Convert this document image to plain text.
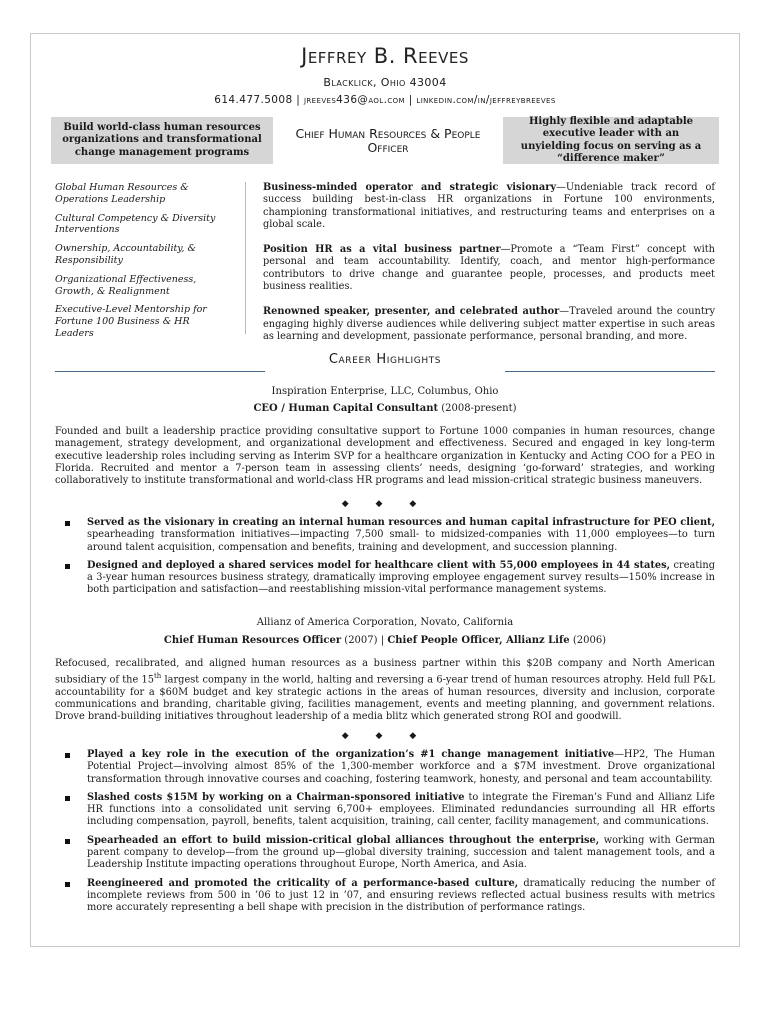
Jeffrey B. Reeves
Blacklick, Ohio 43004
614.477.5008 | jreeves436@aol.com | linkedin.com/in/jeffreybreeves
Build world-class human resources organizations and transformational change management programs
Chief Human Resources & People Officer
Highly flexible and adaptable executive leader with an unyielding focus on serving as a “difference maker”
Global Human Resources & Operations Leadership
Cultural Competency & Diversity Interventions
Ownership, Accountability, & Responsibility
Organizational Effectiveness, Growth, & Realignment
Executive-Level Mentorship for Fortune 100 Business & HR Leaders

Business-minded operator and strategic visionary—Undeniable track record of success building best-in-class HR organizations in Fortune 100 environments, championing transformational initiatives, and restructuring teams and enterprises on a global scale.

Position HR as a vital business partner—Promote a “Team First” concept with personal and team accountability. Identify, coach, and mentor high-performance contributors to drive change and guarantee people, processes, and products meet business realities.

Renowned speaker, presenter, and celebrated author—Traveled around the country engaging highly diverse audiences while delivering subject matter expertise in such areas as learning and development, passionate performance, personal branding, and more.

Career Highlights
Inspiration Enterprise, LLC, Columbus, Ohio
CEO / Human Capital Consultant (2008-present)
Founded and built a leadership practice providing consultative support to Fortune 1000 companies in human resources, change management, strategy development, and organizational development and effectiveness. Secured and engaged in key long-term executive leadership roles including serving as Interim SVP for a healthcare organization in Kentucky and Acting COO for a PEO in Florida. Recruited and mentor a 7-person team in assessing clients’ needs, designing ‘go-forward’ strategies, and working collaboratively to institute transformational and world-class HR programs and lead mission-critical strategic business maneuvers.
◆ ◆ ◆
Served as the visionary in creating an internal human resources and human capital infrastructure for PEO client, spearheading transformation initiatives—impacting 7,500 small- to midsized-companies with 11,000 employees—to turn around talent acquisition, compensation and benefits, training and development, and succession planning.
Designed and deployed a shared services model for healthcare client with 55,000 employees in 44 states, creating a 3-year human resources business strategy, dramatically improving employee engagement survey results—150% increase in both participation and satisfaction—and reestablishing mission-vital performance management systems.
Allianz of America Corporation, Novato, California
Chief Human Resources Officer (2007) | Chief People Officer, Allianz Life (2006)
Refocused, recalibrated, and aligned human resources as a business partner within this $20B company and North American subsidiary of the 15th largest company in the world, halting and reversing a 6-year trend of human resources atrophy. Held full P&L accountability for a $60M budget and key strategic actions in the areas of human resources, diversity and inclusion, corporate communications and branding, charitable giving, facilities management, events and meeting planning, and government relations. Drove brand-building initiatives throughout leadership of a media blitz which generated strong ROI and goodwill.
◆ ◆ ◆
Played a key role in the execution of the organization’s #1 change management initiative—HP2, The Human Potential Project—involving almost 85% of the 1,300-member workforce and a $7M investment. Drove organizational transformation through innovative courses and coaching, fostering teamwork, honesty, and personal and team accountability.
Slashed costs $15M by working on a Chairman-sponsored initiative to integrate the Fireman’s Fund and Allianz Life HR functions into a consolidated unit serving 6,700+ employees. Eliminated redundancies surrounding all HR efforts including compensation, payroll, benefits, talent acquisition, training, call center, facility management, and communications.
Spearheaded an effort to build mission-critical global alliances throughout the enterprise, working with German parent company to develop—from the ground up—global diversity training, succession and talent management tools, and a Leadership Institute impacting operations throughout Europe, North America, and Asia.
Reengineered and promoted the criticality of a performance-based culture, dramatically reducing the number of incomplete reviews from 500 in ’06 to just 12 in ’07, and ensuring reviews reflected actual business results with metrics more accurately representing a bell shape with precision in the distribution of performance ratings.
